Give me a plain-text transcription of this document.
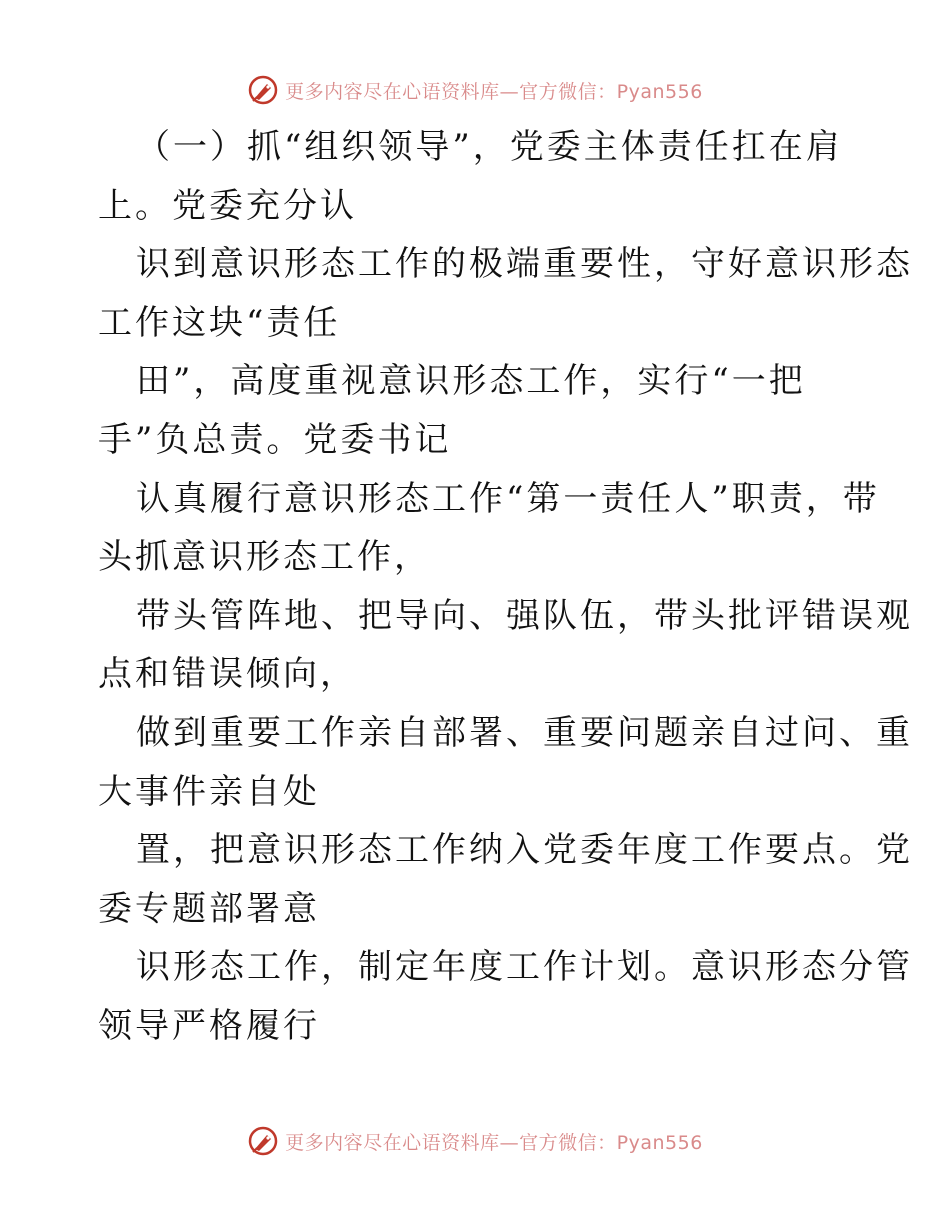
更多内容尽在心语资料库—官方微信：Pyan556
（一）抓“组织领导”，党委主体责任扛在肩
上。党委充分认
识到意识形态工作的极端重要性，守好意识形态
工作这块“责任
田”，高度重视意识形态工作，实行“一把
手”负总责。党委书记
认真履行意识形态工作“第一责任人”职责，带
头抓意识形态工作，
带头管阵地、把导向、强队伍，带头批评错误观
点和错误倾向，
做到重要工作亲自部署、重要问题亲自过问、重
大事件亲自处
置，把意识形态工作纳入党委年度工作要点。党
委专题部署意
识形态工作，制定年度工作计划。意识形态分管
领导严格履行
更多内容尽在心语资料库—官方微信：Pyan556
